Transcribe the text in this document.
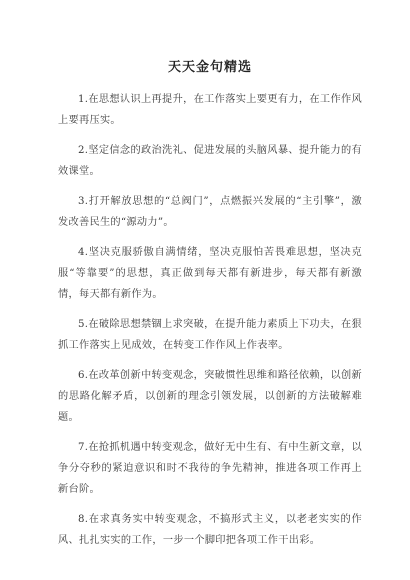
天天金句精选

1.在思想认识上再提升，在工作落实上要更有力，在工作作风上要再压实。

2.坚定信念的政治洗礼、促进发展的头脑风暴、提升能力的有效课堂。

3.打开解放思想的“总阀门”，点燃振兴发展的“主引擎”，激发改善民生的“源动力”。

4.坚决克服骄傲自满情绪，坚决克服怕苦畏难思想，坚决克服“等靠要”的思想，真正做到每天都有新进步，每天都有新激情，每天都有新作为。

5.在破除思想禁锢上求突破，在提升能力素质上下功夫，在狠抓工作落实上见成效，在转变工作作风上作表率。

6.在改革创新中转变观念，突破惯性思维和路径依赖，以创新的思路化解矛盾，以创新的理念引领发展，以创新的方法破解难题。

7.在抢抓机遇中转变观念，做好无中生有、有中生新文章，以争分夺秒的紧迫意识和时不我待的争先精神，推进各项工作再上新台阶。

8.在求真务实中转变观念，不搞形式主义，以老老实实的作风、扎扎实实的工作，一步一个脚印把各项工作干出彩。
